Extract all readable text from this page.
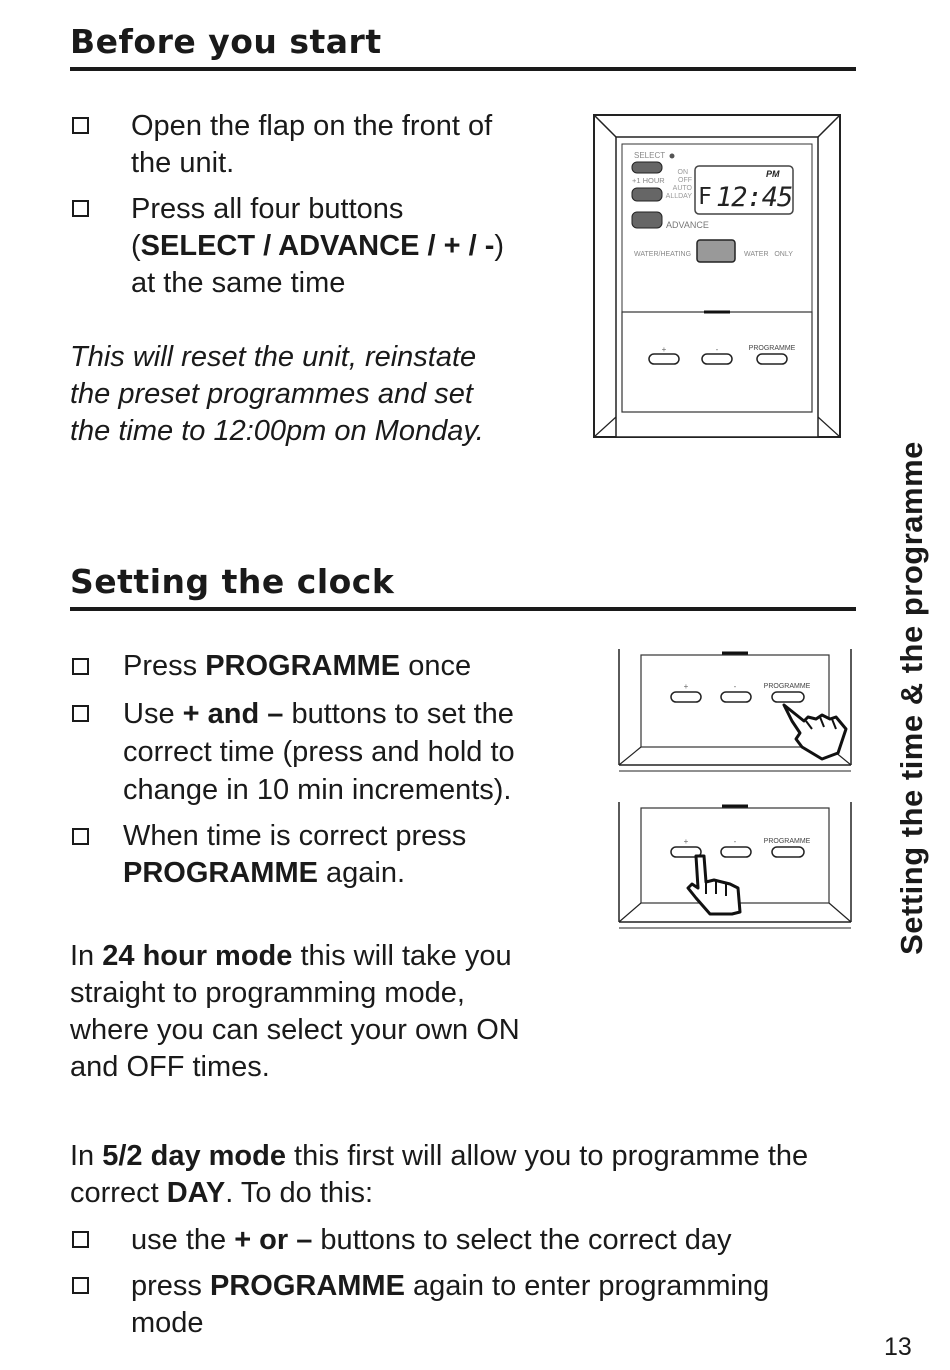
Before you start
Open the flap on the front of
the unit.
Press all four buttons
(SELECT / ADVANCE / + / -)
at the same time
This will reset the unit, reinstate
the preset programmes and set
the time to 12:00pm on Monday.
SELECT
+1 HOUR
ON
OFF
AUTO
ALLDAY
PM
F 12:45
ADVANCE
WATER/HEATING	WATER   ONLY
+	-	PROGRAMME
Setting the clock
Press PROGRAMME once
Use + and – buttons to set the
correct time (press and hold to
change in 10 min increments).
When time is correct press
PROGRAMME again.
+	-	PROGRAMME
+	-	PROGRAMME
In 24 hour mode this will take you
straight to programming mode,
where you can select your own ON
and OFF times.
In 5/2 day mode this first will allow you to programme the
correct DAY. To do this:
use the + or – buttons to select the correct day
press PROGRAMME again to enter programming
mode
Setting the time & the programme
13
